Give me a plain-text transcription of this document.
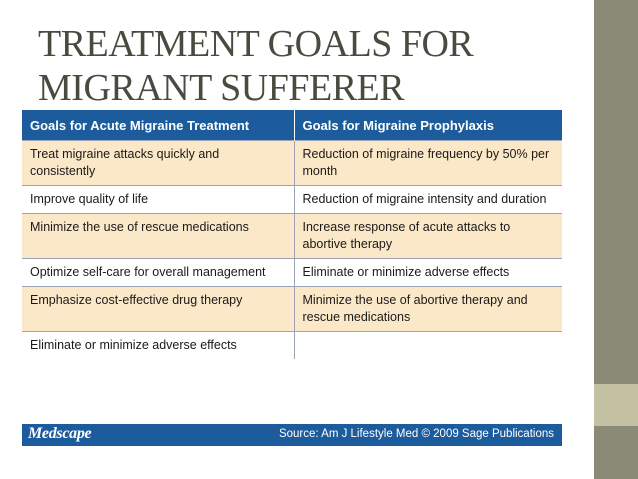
TREATMENT GOALS FOR
MIGRANT SUFFERER
Goals for Acute Migraine Treatment	Goals for Migraine Prophylaxis
Treat migraine attacks quickly and consistently	Reduction of migraine frequency by 50% per month
Improve quality of life	Reduction of migraine intensity and duration
Minimize the use of rescue medications	Increase response of acute attacks to abortive therapy
Optimize self-care for overall management	Eliminate or minimize adverse effects
Emphasize cost-effective drug therapy	Minimize the use of abortive therapy and rescue medications
Eliminate or minimize adverse effects	
Medscape	Source: Am J Lifestyle Med © 2009 Sage Publications
